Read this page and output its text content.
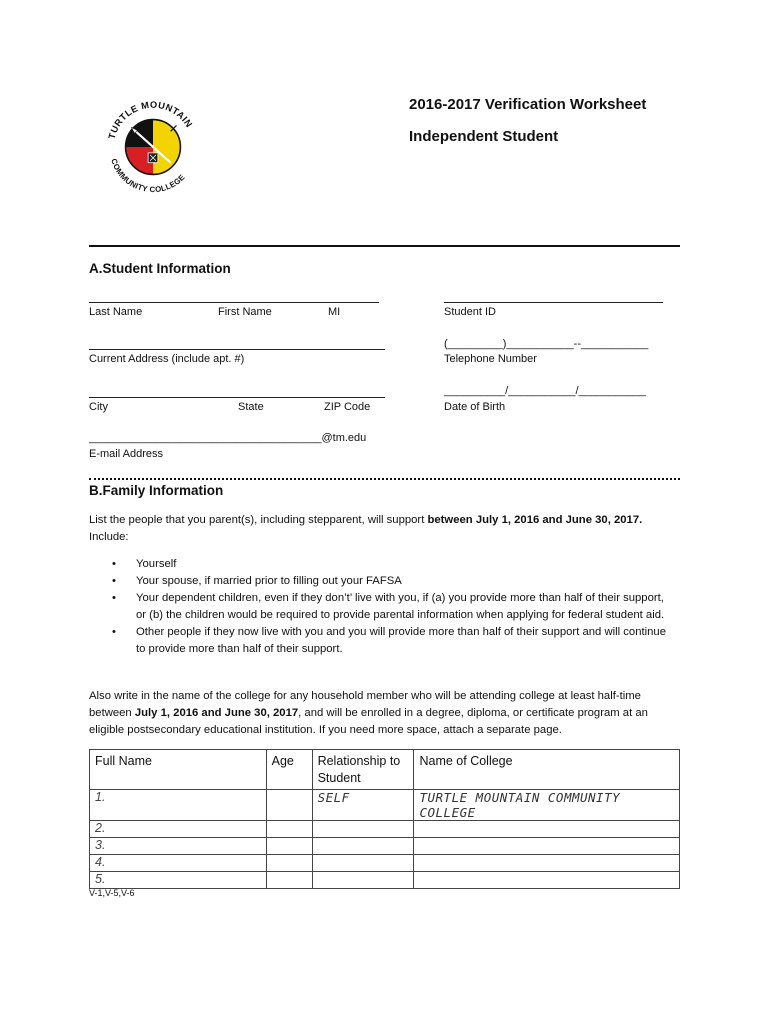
TURTLE MOUNTAIN
COMMUNITY COLLEGE
2016-2017 Verification Worksheet
Independent Student
A.Student Information
Last Name	First Name	MI	Student ID
Current Address (include apt. #)
(_________)___________--___________
Telephone Number
City	State	ZIP Code
__________/___________/___________
Date of Birth
______________________________________@tm.edu
E-mail Address
B.Family Information
List the people that you parent(s), including stepparent, will support between July 1, 2016 and June 30, 2017.
Include:
• Yourself
• Your spouse, if married prior to filling out your FAFSA
• Your dependent children, even if they don’t’ live with you, if (a) you provide more than half of their support, or (b) the children would be required to provide parental information when applying for federal student aid.
• Other people if they now live with you and you will provide more than half of their support and will continue to provide more than half of their support.
Also write in the name of the college for any household member who will be attending college at least half-time between July 1, 2016 and June 30, 2017, and will be enrolled in a degree, diploma, or certificate program at an eligible postsecondary educational institution. If you need more space, attach a separate page.
Full Name	Age	Relationship to Student	Name of College
1.		SELF	TURTLE MOUNTAIN COMMUNITY COLLEGE
2.			
3.			
4.			
5.			
V-1,V-5,V-6
